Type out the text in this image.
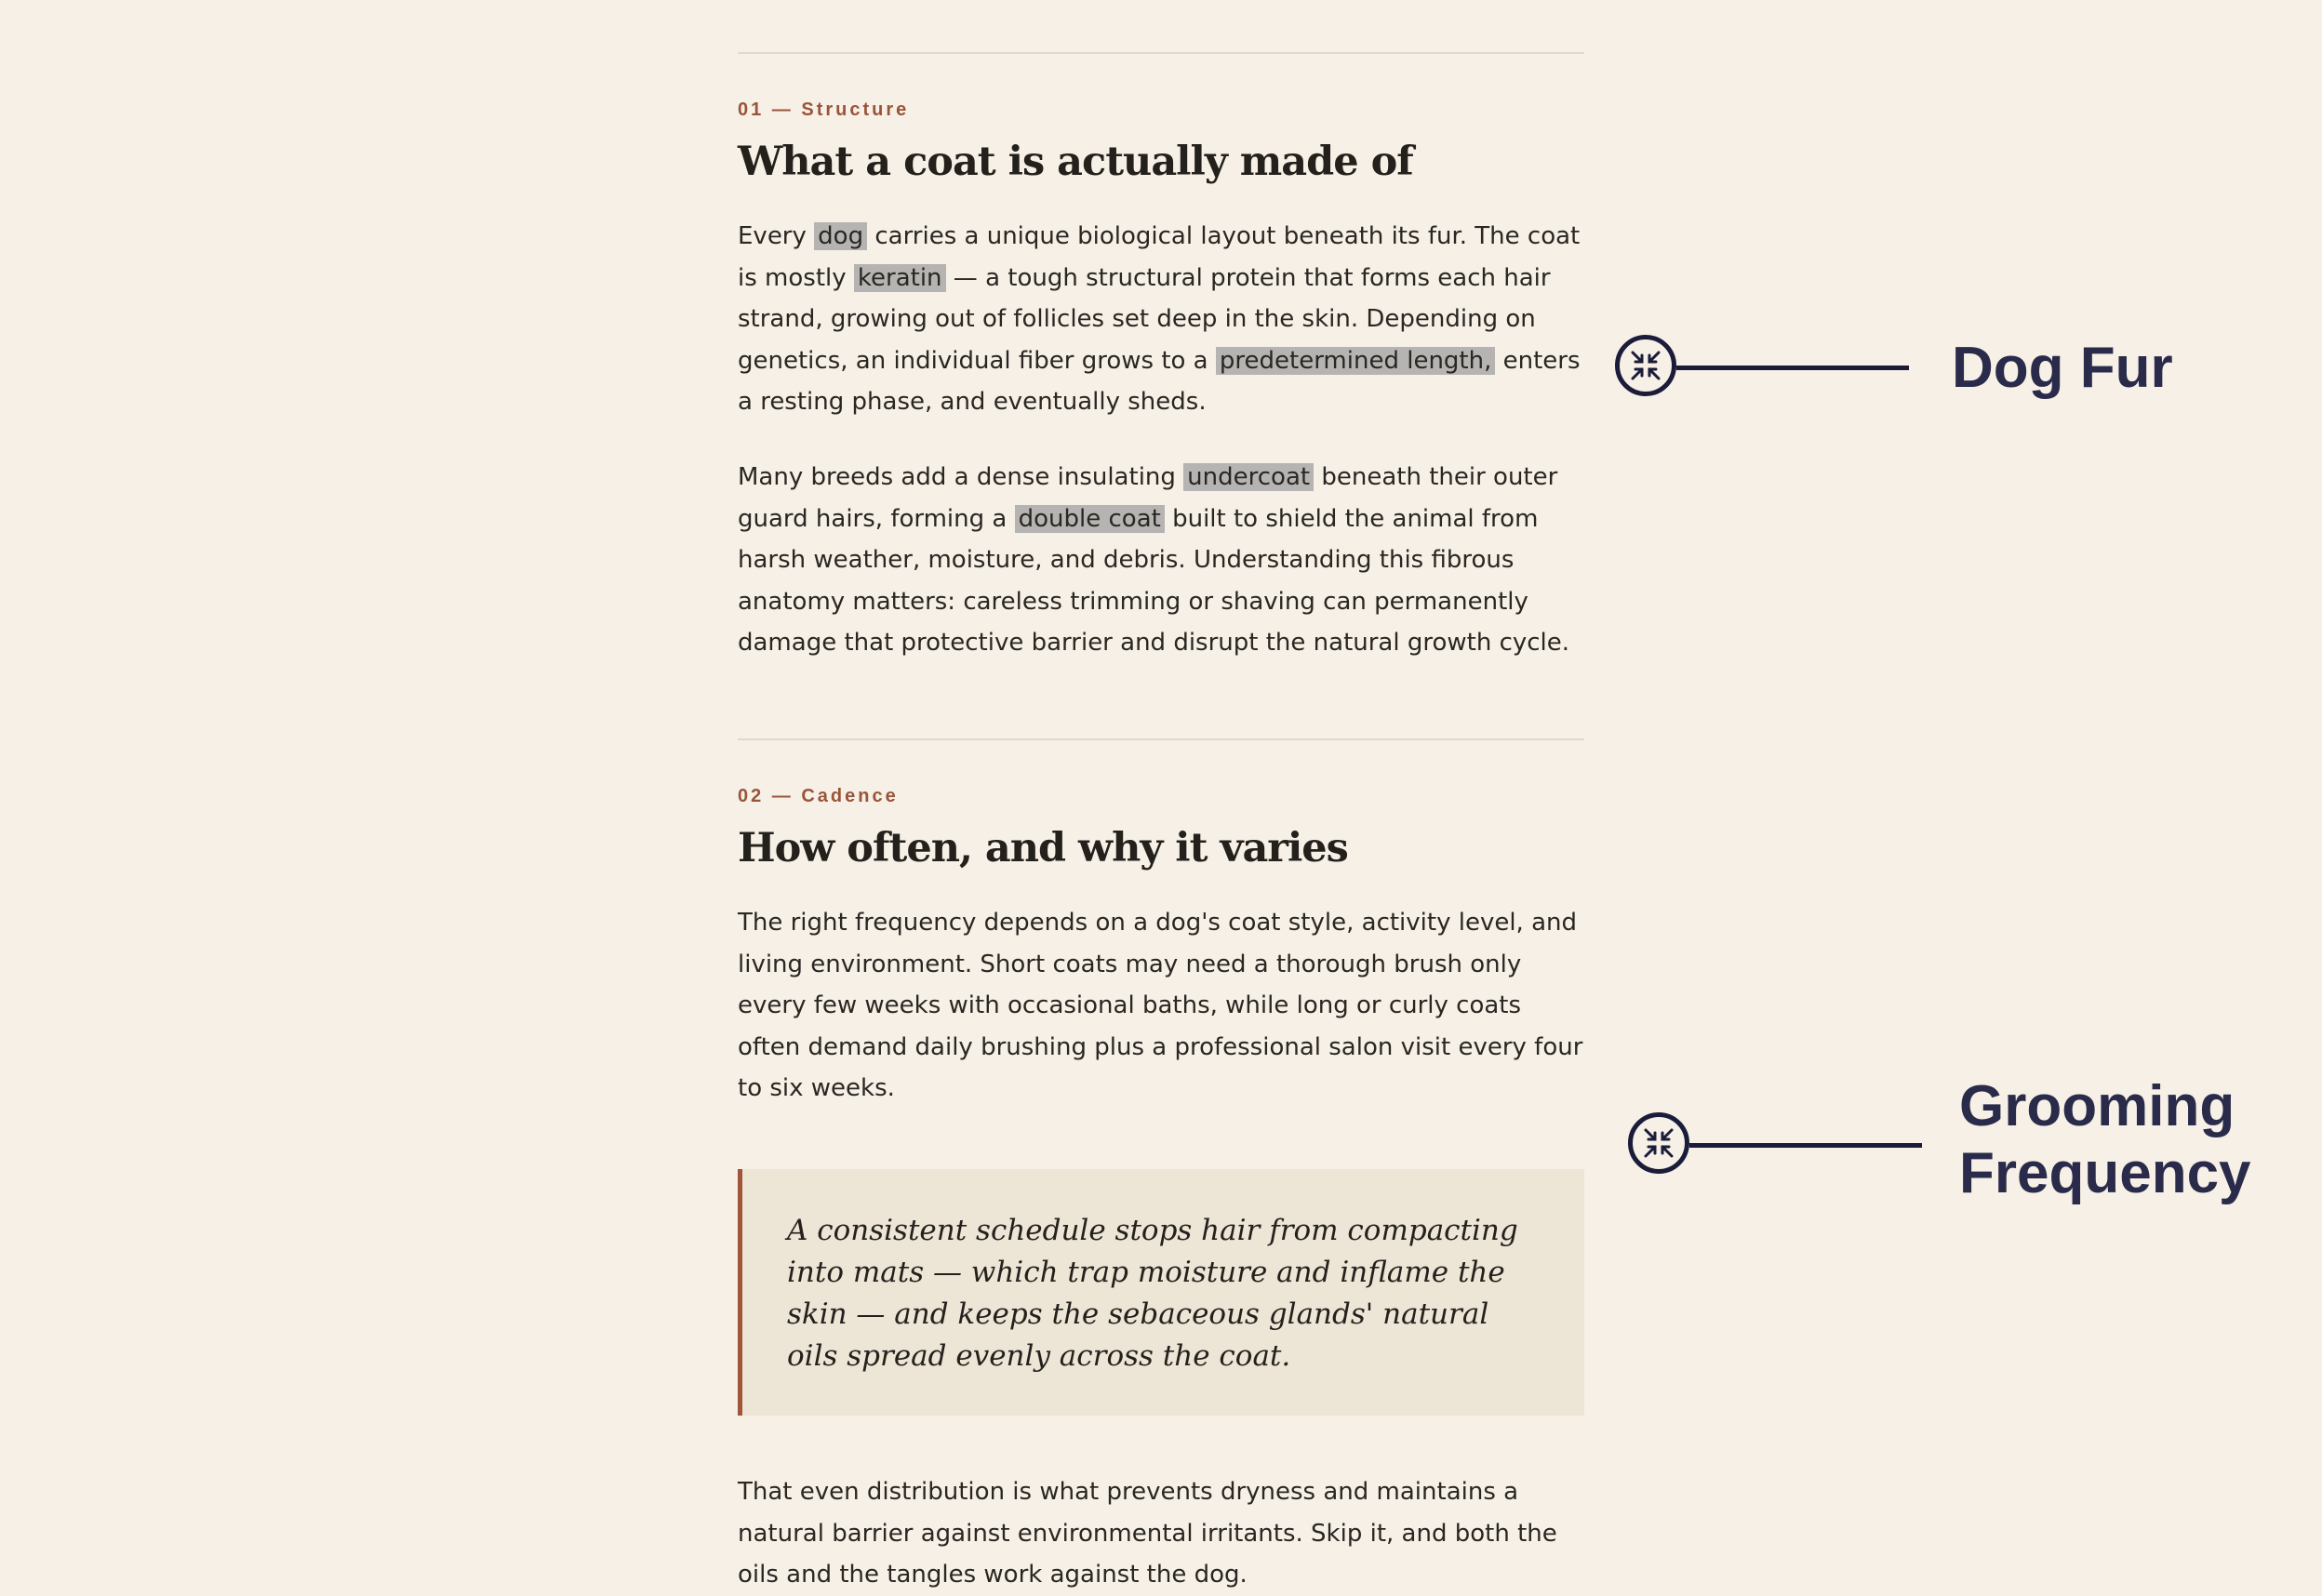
01 — Structure
What a coat is actually made of

Every dog carries a unique biological layout beneath its fur. The coat is mostly keratin — a tough structural protein that forms each hair strand, growing out of follicles set deep in the skin. Depending on genetics, an individual fiber grows to a predetermined length, enters a resting phase, and eventually sheds.

Many breeds add a dense insulating undercoat beneath their outer guard hairs, forming a double coat built to shield the animal from harsh weather, moisture, and debris. Understanding this fibrous anatomy matters: careless trimming or shaving can permanently damage that protective barrier and disrupt the natural growth cycle.

02 — Cadence
How often, and why it varies

The right frequency depends on a dog's coat style, activity level, and living environment. Short coats may need a thorough brush only every few weeks with occasional baths, while long or curly coats often demand daily brushing plus a professional salon visit every four to six weeks.

A consistent schedule stops hair from compacting into mats — which trap moisture and inflame the skin — and keeps the sebaceous glands' natural oils spread evenly across the coat.

That even distribution is what prevents dryness and maintains a natural barrier against environmental irritants. Skip it, and both the oils and the tangles work against the dog.

Dog Fur
Grooming
Frequency
